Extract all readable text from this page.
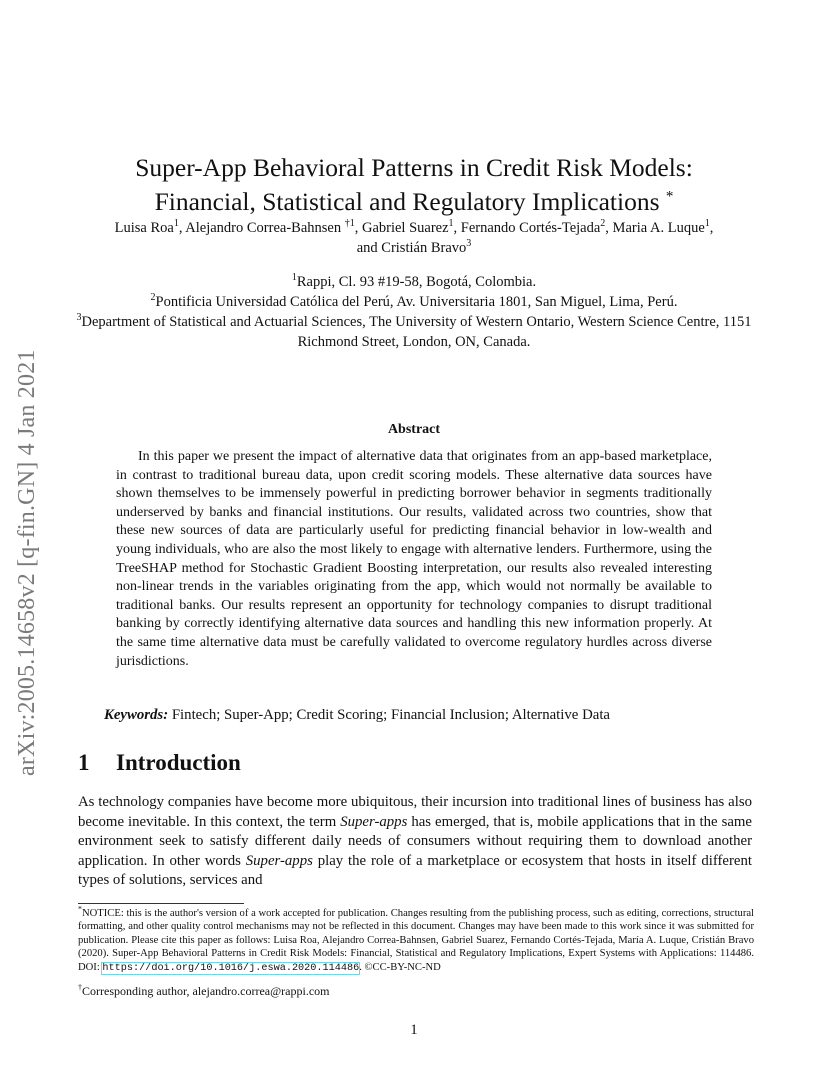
arXiv:2005.14658v2 [q-fin.GN] 4 Jan 2021
Super-App Behavioral Patterns in Credit Risk Models:
Financial, Statistical and Regulatory Implications *
Luisa Roa$^1$, Alejandro Correa-Bahnsen $^{\dagger 1}$, Gabriel Suarez$^1$, Fernando Cortés-Tejada$^2$, Maria A. Luque$^1$,
and Cristián Bravo$^3$
$^1$Rappi, Cl. 93 #19-58, Bogotá, Colombia.
$^2$Pontificia Universidad Católica del Perú, Av. Universitaria 1801, San Miguel, Lima, Perú.
$^3$Department of Statistical and Actuarial Sciences, The University of Western Ontario, Western Science Centre, 1151 Richmond Street, London, ON, Canada.
Abstract

In this paper we present the impact of alternative data that originates from an app-based marketplace, in contrast to traditional bureau data, upon credit scoring models. These alternative data sources have shown themselves to be immensely powerful in predicting borrower behavior in segments traditionally underserved by banks and financial institutions. Our results, validated across two countries, show that these new sources of data are particularly useful for predicting financial behavior in low-wealth and young individuals, who are also the most likely to engage with alternative lenders. Furthermore, using the TreeSHAP method for Stochastic Gradient Boosting interpretation, our results also revealed interesting non-linear trends in the variables originating from the app, which would not normally be available to traditional banks. Our results represent an opportunity for technology companies to disrupt traditional banking by correctly identifying alternative data sources and handling this new information properly. At the same time alternative data must be carefully validated to overcome regulatory hurdles across diverse jurisdictions.

Keywords: Fintech; Super-App; Credit Scoring; Financial Inclusion; Alternative Data
1 Introduction

As technology companies have become more ubiquitous, their incursion into traditional lines of business has also become inevitable. In this context, the term Super-apps has emerged, that is, mobile applications that in the same environment seek to satisfy different daily needs of consumers without requiring them to download another application. In other words Super-apps play the role of a marketplace or ecosystem that hosts in itself different types of solutions, services and

*NOTICE: this is the author's version of a work accepted for publication. Changes resulting from the publishing process, such as editing, corrections, structural formatting, and other quality control mechanisms may not be reflected in this document. Changes may have been made to this work since it was submitted for publication. Please cite this paper as follows: Luisa Roa, Alejandro Correa-Bahnsen, Gabriel Suarez, Fernando Cortés-Tejada, María A. Luque, Cristián Bravo (2020). Super-App Behavioral Patterns in Credit Risk Models: Financial, Statistical and Regulatory Implications, Expert Systems with Applications: 114486. DOI: https://doi.org/10.1016/j.eswa.2020.114486. ©CC-BY-NC-ND

†Corresponding author, alejandro.correa@rappi.com

1
